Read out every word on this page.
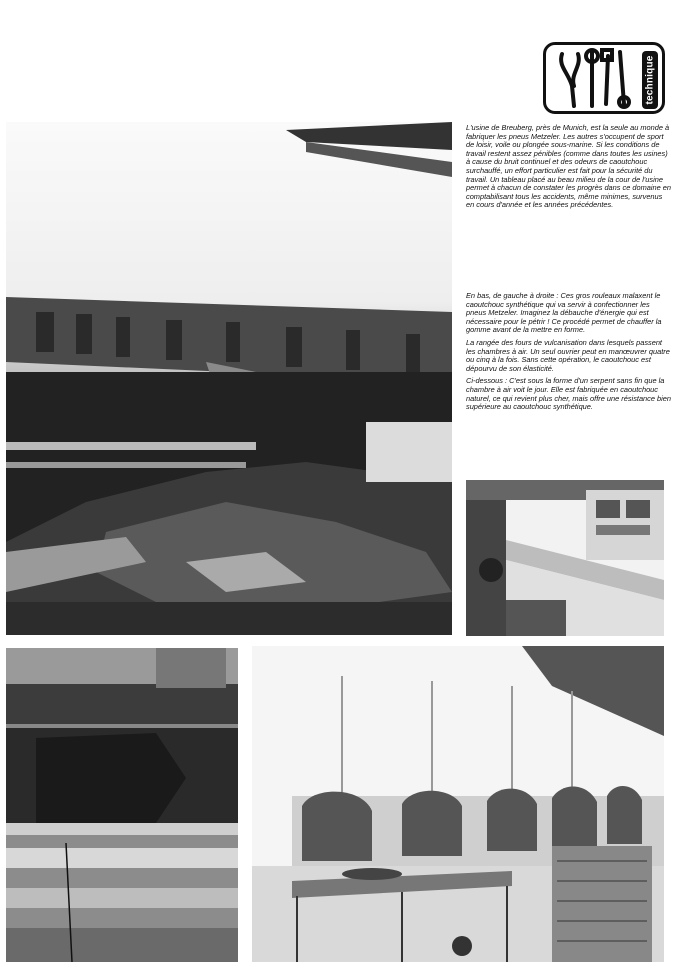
technique

L'usine de Breuberg, près de Munich, est la seule au monde à fabriquer les pneus Metzeler. Les autres s'occupent de sport de loisir, voile ou plongée sous-marine. Si les conditions de travail restent assez pénibles (comme dans toutes les usines) à cause du bruit continuel et des odeurs de caoutchouc surchauffé, un effort particulier est fait pour la sécurité du travail. Un tableau placé au beau milieu de la cour de l'usine permet à chacun de constater les progrès dans ce domaine en comptabilisant tous les accidents, même minimes, survenus en cours d'année et les années précédentes.

En bas, de gauche à droite : Ces gros rouleaux malaxent le caoutchouc synthétique qui va servir à confectionner les pneus Metzeler. Imaginez la débauche d'énergie qui est nécessaire pour le pétrir ! Ce procédé permet de chauffer la gomme avant de la mettre en forme.

La rangée des fours de vulcanisation dans lesquels passent les chambres à air. Un seul ouvrier peut en manœuvrer quatre ou cinq à la fois. Sans cette opération, le caoutchouc est dépourvu de son élasticité.

Ci-dessous : C'est sous la forme d'un serpent sans fin que la chambre à air voit le jour. Elle est fabriquée en caoutchouc naturel, ce qui revient plus cher, mais offre une résistance bien supérieure au caoutchouc synthétique.
